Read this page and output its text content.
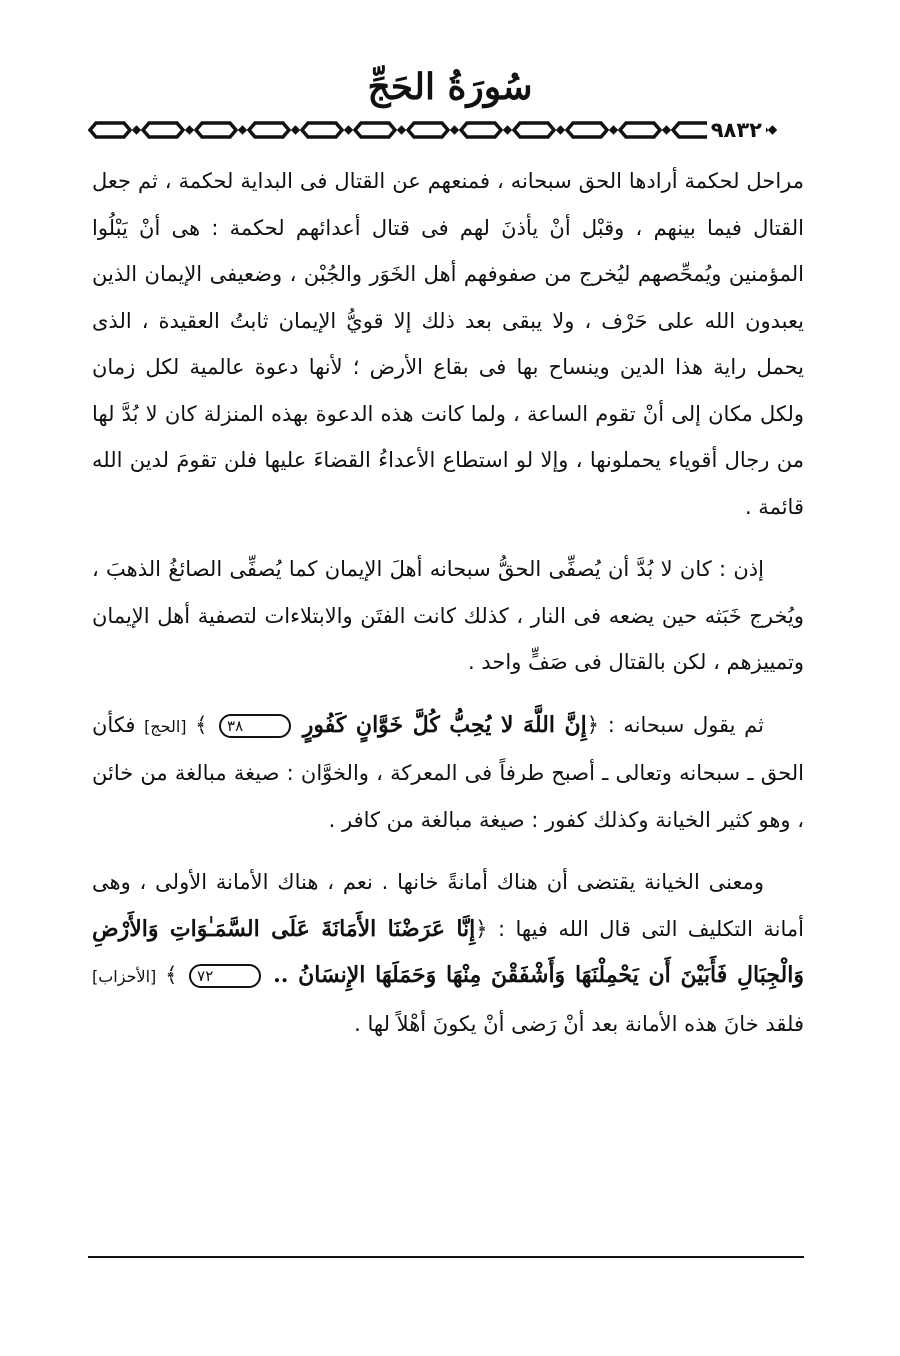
سُورَةُ الحَجِّ
٩٨٣٢

مراحل لحكمة أرادها الحق سبحانه ، فمنعهم عن القتال فى البداية لحكمة ، ثم جعل القتال فيما بينهم ، وقبْل أنْ يأذنَ لهم فى قتال أعدائهم لحكمة : هى أنْ يَبْلُوا المؤمنين ويُمحِّصهم ليُخرج من صفوفهم أهل الخَوَر والجُبْن ، وضعيفى الإيمان الذين يعبدون الله على حَرْف ، ولا يبقى بعد ذلك إلا قويُّ الإيمان ثابتُ العقيدة ، الذى يحمل راية هذا الدين وينساح بها فى بقاع الأرض ؛ لأنها دعوة عالمية لكل زمان ولكل مكان إلى أنْ تقوم الساعة ، ولما كانت هذه الدعوة بهذه المنزلة كان لا بُدَّ لها من رجال أقوياء يحملونها ، وإلا لو استطاع الأعداءُ القضاءَ عليها فلن تقومَ لدين الله قائمة .

إذن : كان لا بُدَّ أن يُصفِّى الحقُّ سبحانه أهلَ الإيمان كما يُصفِّى الصائغُ الذهبَ ، ويُخرج خَبَثه حين يضعه فى النار ، كذلك كانت الفتَن والابتلاءات لتصفية أهل الإيمان وتمييزهم ، لكن بالقتال فى صَفٍّ واحد .

ثم يقول سبحانه : ﴿إِنَّ اللَّهَ لا يُحِبُّ كُلَّ خَوَّانٍ كَفُورٍ ٣٨ ﴾ [الحج] فكأن الحق ـ سبحانه وتعالى ـ أصبح طرفاً فى المعركة ، والخوَّان : صيغة مبالغة من خائن ، وهو كثير الخيانة وكذلك كفور : صيغة مبالغة من كافر .

ومعنى الخيانة يقتضى أن هناك أمانةً خانها . نعم ، هناك الأمانة الأولى ، وهى أمانة التكليف التى قال الله فيها : ﴿إِنَّا عَرَضْنَا الأَمَانَةَ عَلَى السَّمَـٰوَاتِ وَالأَرْضِ وَالْجِبَالِ فَأَبَيْنَ أَن يَحْمِلْنَهَا وَأَشْفَقْنَ مِنْهَا وَحَمَلَهَا الإِنسَانُ .. ٧٢ ﴾ [الأحزاب] فلقد خانَ هذه الأمانة بعد أنْ رَضى أنْ يكونَ أهْلاً لها .
